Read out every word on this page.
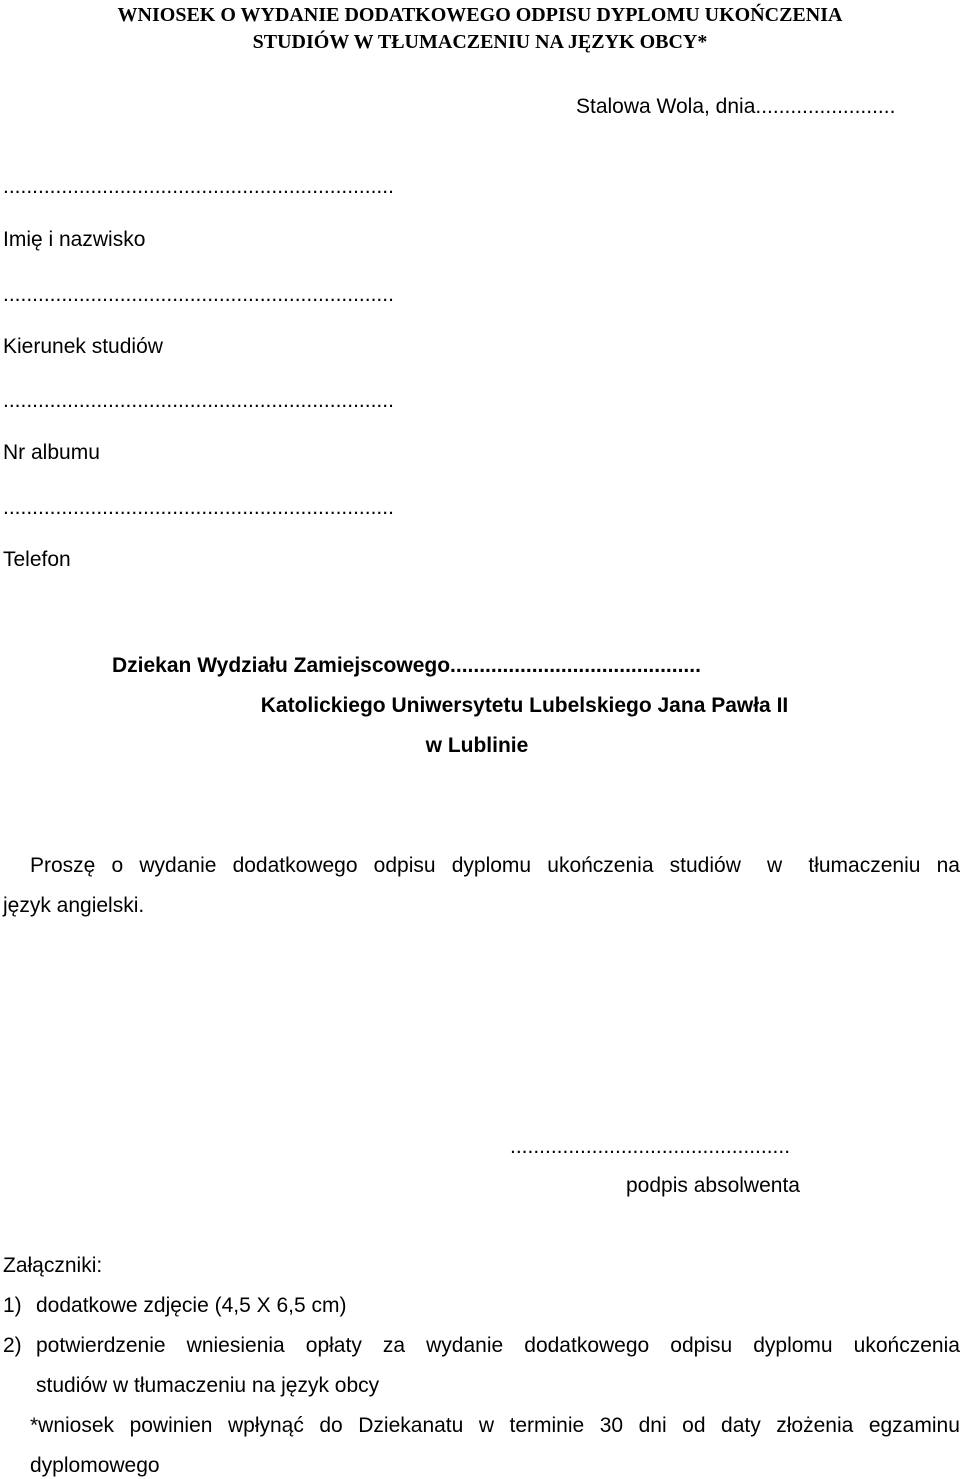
WNIOSEK O WYDANIE DODATKOWEGO ODPISU DYPLOMU UKOŃCZENIA
STUDIÓW W TŁUMACZENIU NA JĘZYK OBCY*
Stalowa Wola, dnia........................
...................................................................
Imię i nazwisko
...................................................................
Kierunek studiów
...................................................................
Nr albumu
...................................................................
Telefon
Dziekan Wydziału Zamiejscowego...........................................
Katolickiego Uniwersytetu Lubelskiego Jana Pawła II
w Lublinie
Proszę o wydanie dodatkowego odpisu dyplomu ukończenia studiów w tłumaczeniu na
język angielski.
................................................
podpis absolwenta
Załączniki:
1) dodatkowe zdjęcie (4,5 X 6,5 cm)
2) potwierdzenie wniesienia opłaty za wydanie dodatkowego odpisu dyplomu ukończenia
studiów w tłumaczeniu na język obcy
*wniosek powinien wpłynąć do Dziekanatu w terminie 30 dni od daty złożenia egzaminu
dyplomowego
